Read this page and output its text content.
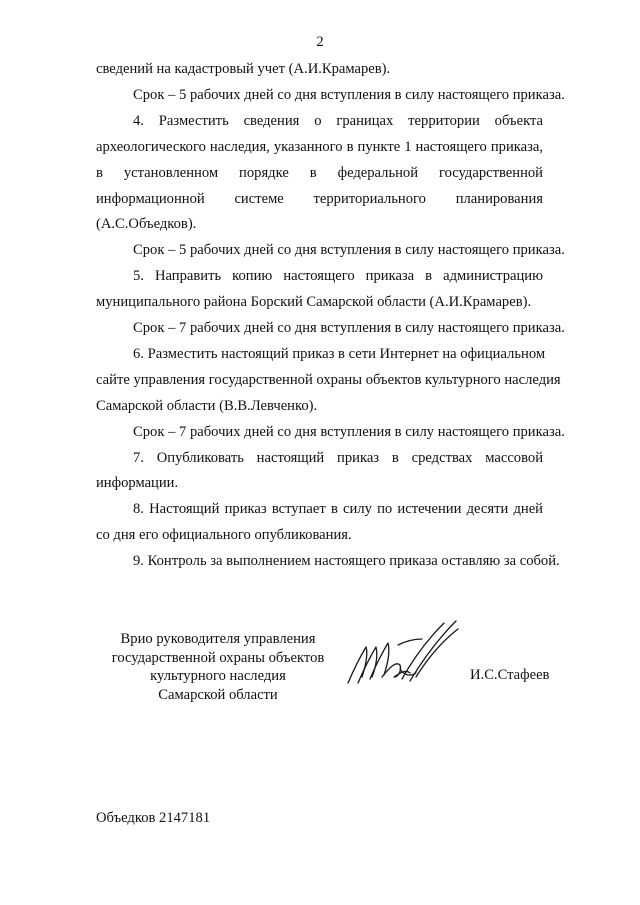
2
сведений на кадастровый учет (А.И.Крамарев).
Срок – 5 рабочих дней со дня вступления в силу настоящего приказа.
4. Разместить сведения о границах территории объекта
археологического наследия, указанного в пункте 1 настоящего приказа,
в установленном порядке в федеральной государственной
информационной системе территориального планирования
(А.С.Объедков).
Срок – 5 рабочих дней со дня вступления в силу настоящего приказа.
5. Направить копию настоящего приказа в администрацию
муниципального района Борский Самарской области (А.И.Крамарев).
Срок – 7 рабочих дней со дня вступления в силу настоящего приказа.
6. Разместить настоящий приказ в сети Интернет на официальном
сайте управления государственной охраны объектов культурного наследия
Самарской области (В.В.Левченко).
Срок – 7 рабочих дней со дня вступления в силу настоящего приказа.
7. Опубликовать настоящий приказ в средствах массовой
информации.
8. Настоящий приказ вступает в силу по истечении десяти дней
со дня его официального опубликования.
9. Контроль за выполнением настоящего приказа оставляю за собой.
Врио руководителя управления
государственной охраны объектов
культурного наследия
Самарской области
И.С.Стафеев
Объедков 2147181
